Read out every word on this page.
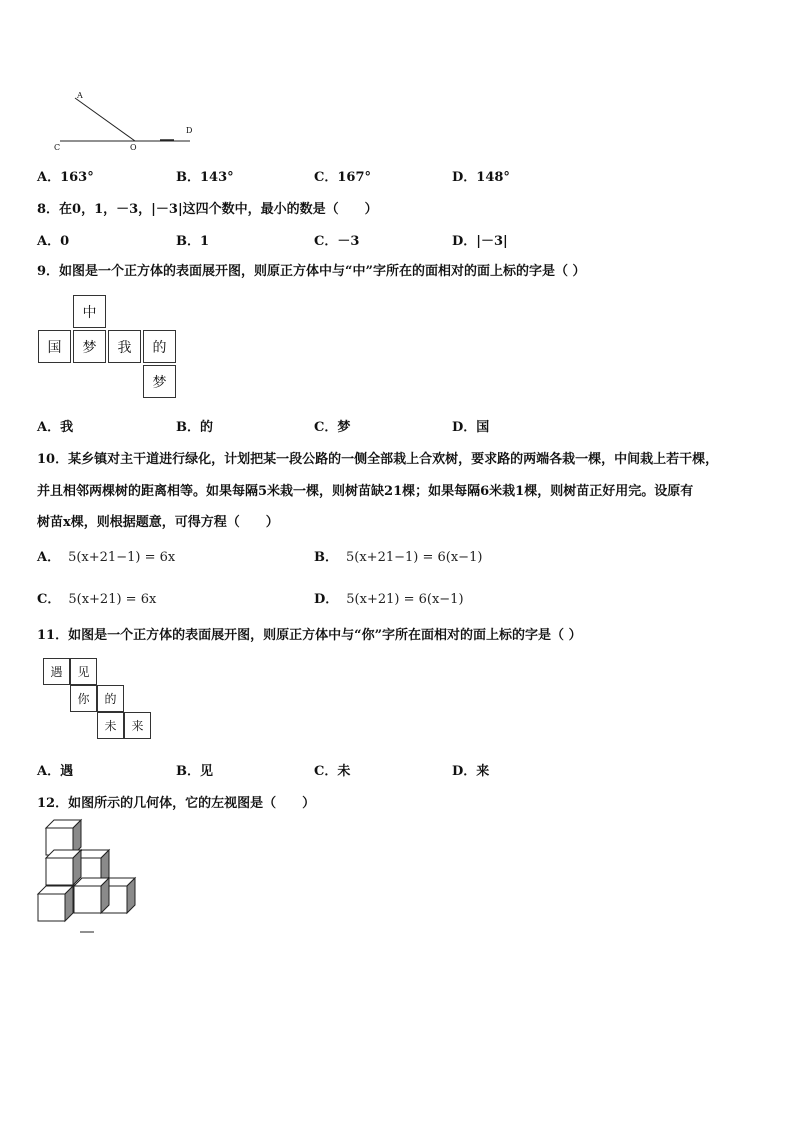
A
C	O
D
A．163°	B．143°	C．167°	D．148°
8．在0，1，－3，|－3|这四个数中，最小的数是（　　）
A．0	B．1	C．－3	D．|－3|
9．如图是一个正方体的表面展开图，则原正方体中与“中”字所在的面相对的面上标的字是（ ）
中
国	梦	我	的
梦
A．我	B．的	C．梦	D．国
10．某乡镇对主干道进行绿化，计划把某一段公路的一侧全部栽上合欢树，要求路的两端各栽一棵，中间栽上若干棵，
并且相邻两棵树的距离相等。如果每隔5米栽一棵，则树苗缺21棵；如果每隔6米栽1棵，则树苗正好用完。设原有
树苗x棵，则根据题意，可得方程（　　）
A． 5(x+21−1) = 6x	B． 5(x+21−1) = 6(x−1)
C． 5(x+21) = 6x	D． 5(x+21) = 6(x−1)
11．如图是一个正方体的表面展开图，则原正方体中与“你”字所在面相对的面上标的字是（ ）
遇	见
你	的
未	来
A．遇	B．见	C．未	D．来
12．如图所示的几何体，它的左视图是（　　）
